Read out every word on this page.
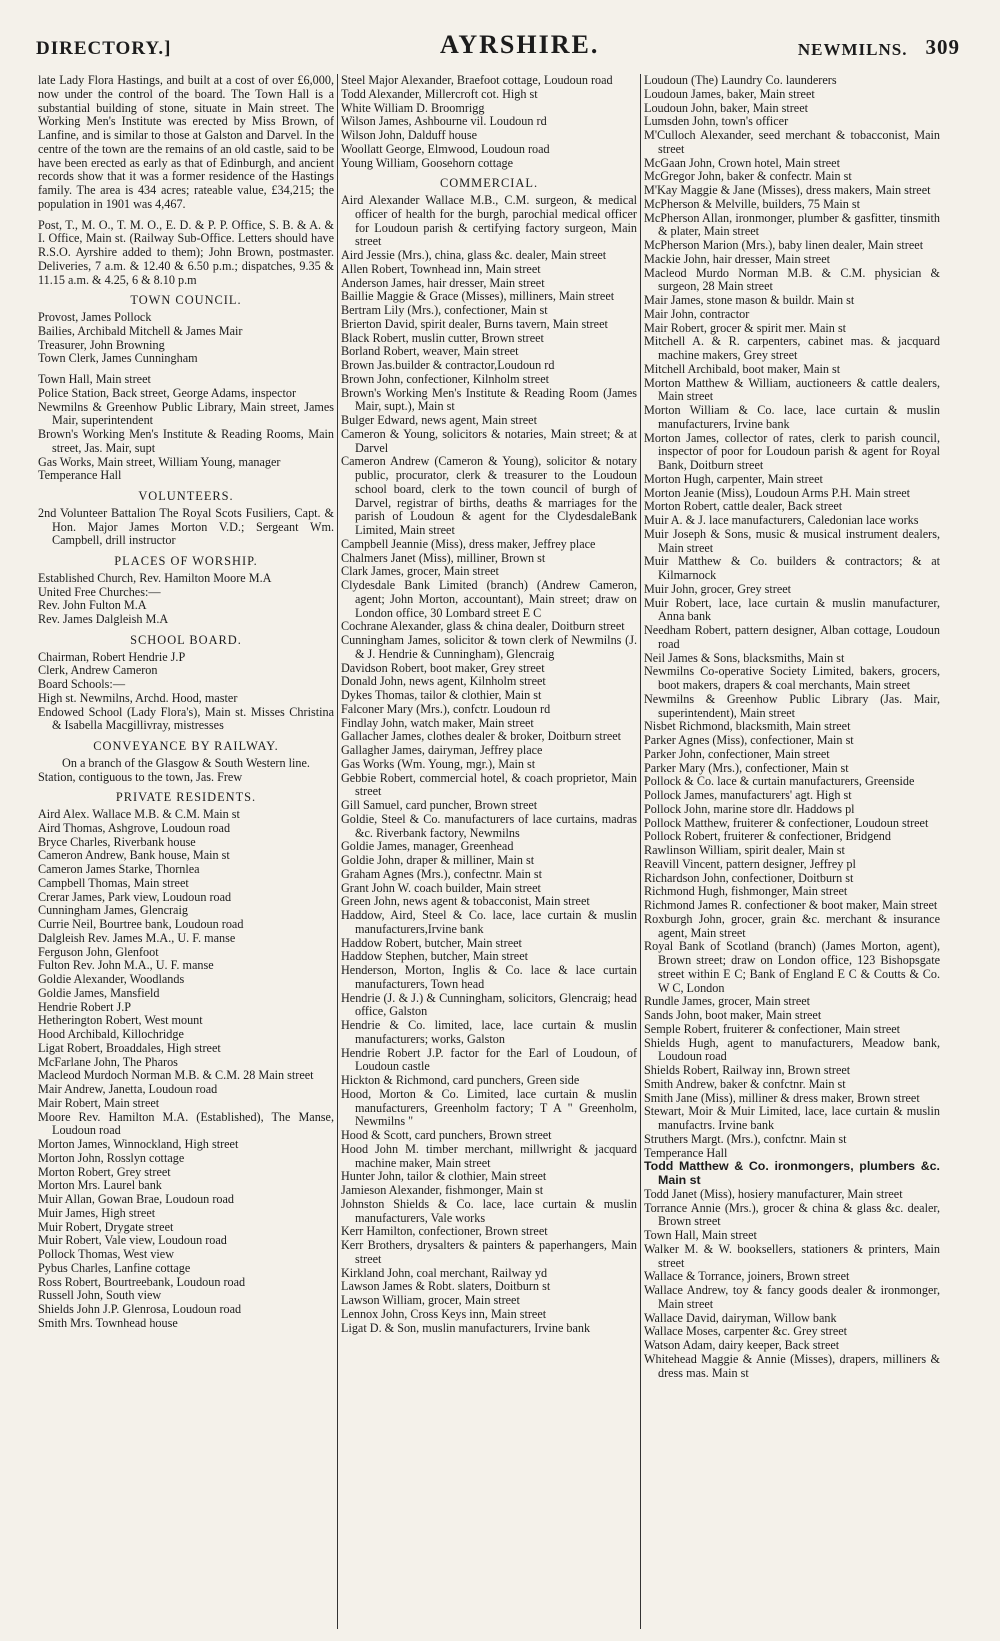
DIRECTORY.]	AYRSHIRE.	NEWMILNS. 309
late Lady Flora Hastings, and built at a cost of over £6,000, now under the control of the board. The Town Hall is a substantial building of stone, situate in Main street. The Working Men's Institute was erected by Miss Brown, of Lanfine, and is similar to those at Galston and Darvel. In the centre of the town are the remains of an old castle, said to be have been erected as early as that of Edinburgh, and ancient records show that it was a former residence of the Hastings family. The area is 434 acres; rateable value, £34,215; the population in 1901 was 4,467.
Post, T., M. O., T. M. O., E. D. & P. P. Office, S. B. & A. & I. Office, Main st. (Railway Sub-Office. Letters should have R.S.O. Ayrshire added to them); John Brown, postmaster. Deliveries, 7 a.m. & 12.40 & 6.50 p.m.; dispatches, 9.35 & 11.15 a.m. & 4.25, 6 & 8.10 p.m
TOWN COUNCIL.
Provost, James Pollock
Bailies, Archibald Mitchell & James Mair
Treasurer, John Browning
Town Clerk, James Cunningham
Town Hall, Main street
Police Station, Back street, George Adams, inspector
Newmilns & Greenhow Public Library, Main street, James Mair, superintendent
Brown's Working Men's Institute & Reading Rooms, Main street, Jas. Mair, supt
Gas Works, Main street, William Young, manager
Temperance Hall
VOLUNTEERS.
2nd Volunteer Battalion The Royal Scots Fusiliers, Capt. & Hon. Major James Morton V.D.; Sergeant Wm. Campbell, drill instructor
PLACES OF WORSHIP.
Established Church, Rev. Hamilton Moore M.A
United Free Churches:—
Rev. John Fulton M.A
Rev. James Dalgleish M.A
SCHOOL BOARD.
Chairman, Robert Hendrie J.P
Clerk, Andrew Cameron
Board Schools:—
High st. Newmilns, Archd. Hood, master
Endowed School (Lady Flora's), Main st. Misses Christina & Isabella Macgillivray, mistresses
CONVEYANCE BY RAILWAY.
On a branch of the Glasgow & South Western line.
Station, contiguous to the town, Jas. Frew
PRIVATE RESIDENTS.
Aird Alex. Wallace M.B. & C.M. Main st
Aird Thomas, Ashgrove, Loudoun road
Bryce Charles, Riverbank house
Cameron Andrew, Bank house, Main st
Cameron James Starke, Thornlea
Campbell Thomas, Main street
Crerar James, Park view, Loudoun road
Cunningham James, Glencraig
Currie Neil, Bourtree bank, Loudoun road
Dalgleish Rev. James M.A., U. F. manse
Ferguson John, Glenfoot
Fulton Rev. John M.A., U. F. manse
Goldie Alexander, Woodlands
Goldie James, Mansfield
Hendrie Robert J.P
Hetherington Robert, West mount
Hood Archibald, Killochridge
Ligat Robert, Broaddales, High street
McFarlane John, The Pharos
Macleod Murdoch Norman M.B. & C.M. 28 Main street
Mair Andrew, Janetta, Loudoun road
Mair Robert, Main street
Moore Rev. Hamilton M.A. (Established), The Manse, Loudoun road
Morton James, Winnockland, High street
Morton John, Rosslyn cottage
Morton Robert, Grey street
Morton Mrs. Laurel bank
Muir Allan, Gowan Brae, Loudoun road
Muir James, High street
Muir Robert, Drygate street
Muir Robert, Vale view, Loudoun road
Pollock Thomas, West view
Pybus Charles, Lanfine cottage
Ross Robert, Bourtreebank, Loudoun road
Russell John, South view
Shields John J.P. Glenrosa, Loudoun road
Smith Mrs. Townhead house
Steel Major Alexander, Braefoot cottage, Loudoun road
Todd Alexander, Millercroft cot. High st
White William D. Broomrigg
Wilson James, Ashbourne vil. Loudoun rd
Wilson John, Dalduff house
Woollatt George, Elmwood, Loudoun road
Young William, Goosehorn cottage
COMMERCIAL.
Aird Alexander Wallace M.B., C.M. surgeon, & medical officer of health for the burgh, parochial medical officer for Loudoun parish & certifying factory surgeon, Main street
Aird Jessie (Mrs.), china, glass &c. dealer, Main street
Allen Robert, Townhead inn, Main street
Anderson James, hair dresser, Main street
Baillie Maggie & Grace (Misses), milliners, Main street
Bertram Lily (Mrs.), confectioner, Main st
Brierton David, spirit dealer, Burns tavern, Main street
Black Robert, muslin cutter, Brown street
Borland Robert, weaver, Main street
Brown Jas.builder & contractor,Loudoun rd
Brown John, confectioner, Kilnholm street
Brown's Working Men's Institute & Reading Room (James Mair, supt.), Main st
Bulger Edward, news agent, Main street
Cameron & Young, solicitors & notaries, Main street; & at Darvel
Cameron Andrew (Cameron & Young), solicitor & notary public, procurator, clerk & treasurer to the Loudoun school board, clerk to the town council of burgh of Darvel, registrar of births, deaths & marriages for the parish of Loudoun & agent for the ClydesdaleBank Limited, Main street
Campbell Jeannie (Miss), dress maker, Jeffrey place
Chalmers Janet (Miss), milliner, Brown st
Clark James, grocer, Main street
Clydesdale Bank Limited (branch) (Andrew Cameron, agent; John Morton, accountant), Main street; draw on London office, 30 Lombard street E C
Cochrane Alexander, glass & china dealer, Doitburn street
Cunningham James, solicitor & town clerk of Newmilns (J. & J. Hendrie & Cunningham), Glencraig
Davidson Robert, boot maker, Grey street
Donald John, news agent, Kilnholm street
Dykes Thomas, tailor & clothier, Main st
Falconer Mary (Mrs.), confctr. Loudoun rd
Findlay John, watch maker, Main street
Gallacher James, clothes dealer & broker, Doitburn street
Gallagher James, dairyman, Jeffrey place
Gas Works (Wm. Young, mgr.), Main st
Gebbie Robert, commercial hotel, & coach proprietor, Main street
Gill Samuel, card puncher, Brown street
Goldie, Steel & Co. manufacturers of lace curtains, madras &c. Riverbank factory, Newmilns
Goldie James, manager, Greenhead
Goldie John, draper & milliner, Main st
Graham Agnes (Mrs.), confectnr. Main st
Grant John W. coach builder, Main street
Green John, news agent & tobacconist, Main street
Haddow, Aird, Steel & Co. lace, lace curtain & muslin manufacturers,Irvine bank
Haddow Robert, butcher, Main street
Haddow Stephen, butcher, Main street
Henderson, Morton, Inglis & Co. lace & lace curtain manufacturers, Town head
Hendrie (J. & J.) & Cunningham, solicitors, Glencraig; head office, Galston
Hendrie & Co. limited, lace, lace curtain & muslin manufacturers; works, Galston
Hendrie Robert J.P. factor for the Earl of Loudoun, of Loudoun castle
Hickton & Richmond, card punchers, Green side
Hood, Morton & Co. Limited, lace curtain & muslin manufacturers, Greenholm factory; T A " Greenholm, Newmilns "
Hood & Scott, card punchers, Brown street
Hood John M. timber merchant, millwright & jacquard machine maker, Main street
Hunter John, tailor & clothier, Main street
Jamieson Alexander, fishmonger, Main st
Johnston Shields & Co. lace, lace curtain & muslin manufacturers, Vale works
Kerr Hamilton, confectioner, Brown street
Kerr Brothers, drysalters & painters & paperhangers, Main street
Kirkland John, coal merchant, Railway yd
Lawson James & Robt. slaters, Doitburn st
Lawson William, grocer, Main street
Lennox John, Cross Keys inn, Main street
Ligat D. & Son, muslin manufacturers, Irvine bank
Loudoun (The) Laundry Co. launderers
Loudoun James, baker, Main street
Loudoun John, baker, Main street
Lumsden John, town's officer
M'Culloch Alexander, seed merchant & tobacconist, Main street
McGaan John, Crown hotel, Main street
McGregor John, baker & confectr. Main st
M'Kay Maggie & Jane (Misses), dress makers, Main street
McPherson & Melville, builders, 75 Main st
McPherson Allan, ironmonger, plumber & gasfitter, tinsmith & plater, Main street
McPherson Marion (Mrs.), baby linen dealer, Main street
Mackie John, hair dresser, Main street
Macleod Murdo Norman M.B. & C.M. physician & surgeon, 28 Main street
Mair James, stone mason & buildr. Main st
Mair John, contractor
Mair Robert, grocer & spirit mer. Main st
Mitchell A. & R. carpenters, cabinet mas. & jacquard machine makers, Grey street
Mitchell Archibald, boot maker, Main st
Morton Matthew & William, auctioneers & cattle dealers, Main street
Morton William & Co. lace, lace curtain & muslin manufacturers, Irvine bank
Morton James, collector of rates, clerk to parish council, inspector of poor for Loudoun parish & agent for Royal Bank, Doitburn street
Morton Hugh, carpenter, Main street
Morton Jeanie (Miss), Loudoun Arms P.H. Main street
Morton Robert, cattle dealer, Back street
Muir A. & J. lace manufacturers, Caledonian lace works
Muir Joseph & Sons, music & musical instrument dealers, Main street
Muir Matthew & Co. builders & contractors; & at Kilmarnock
Muir John, grocer, Grey street
Muir Robert, lace, lace curtain & muslin manufacturer, Anna bank
Needham Robert, pattern designer, Alban cottage, Loudoun road
Neil James & Sons, blacksmiths, Main st
Newmilns Co-operative Society Limited, bakers, grocers, boot makers, drapers & coal merchants, Main street
Newmilns & Greenhow Public Library (Jas. Mair, superintendent), Main street
Nisbet Richmond, blacksmith, Main street
Parker Agnes (Miss), confectioner, Main st
Parker John, confectioner, Main street
Parker Mary (Mrs.), confectioner, Main st
Pollock & Co. lace & curtain manufacturers, Greenside
Pollock James, manufacturers' agt. High st
Pollock John, marine store dlr. Haddows pl
Pollock Matthew, fruiterer & confectioner, Loudoun street
Pollock Robert, fruiterer & confectioner, Bridgend
Rawlinson William, spirit dealer, Main st
Reavill Vincent, pattern designer, Jeffrey pl
Richardson John, confectioner, Doitburn st
Richmond Hugh, fishmonger, Main street
Richmond James R. confectioner & boot maker, Main street
Roxburgh John, grocer, grain &c. merchant & insurance agent, Main street
Royal Bank of Scotland (branch) (James Morton, agent), Brown street; draw on London office, 123 Bishopsgate street within E C; Bank of England E C & Coutts & Co. W C, London
Rundle James, grocer, Main street
Sands John, boot maker, Main street
Semple Robert, fruiterer & confectioner, Main street
Shields Hugh, agent to manufacturers, Meadow bank, Loudoun road
Shields Robert, Railway inn, Brown street
Smith Andrew, baker & confctnr. Main st
Smith Jane (Miss), milliner & dress maker, Brown street
Stewart, Moir & Muir Limited, lace, lace curtain & muslin manufactrs. Irvine bank
Struthers Margt. (Mrs.), confctnr. Main st
Temperance Hall
Todd Matthew & Co. ironmongers, plumbers &c. Main st
Todd Janet (Miss), hosiery manufacturer, Main street
Torrance Annie (Mrs.), grocer & china & glass &c. dealer, Brown street
Town Hall, Main street
Walker M. & W. booksellers, stationers & printers, Main street
Wallace & Torrance, joiners, Brown street
Wallace Andrew, toy & fancy goods dealer & ironmonger, Main street
Wallace David, dairyman, Willow bank
Wallace Moses, carpenter &c. Grey street
Watson Adam, dairy keeper, Back street
Whitehead Maggie & Annie (Misses), drapers, milliners & dress mas. Main st
